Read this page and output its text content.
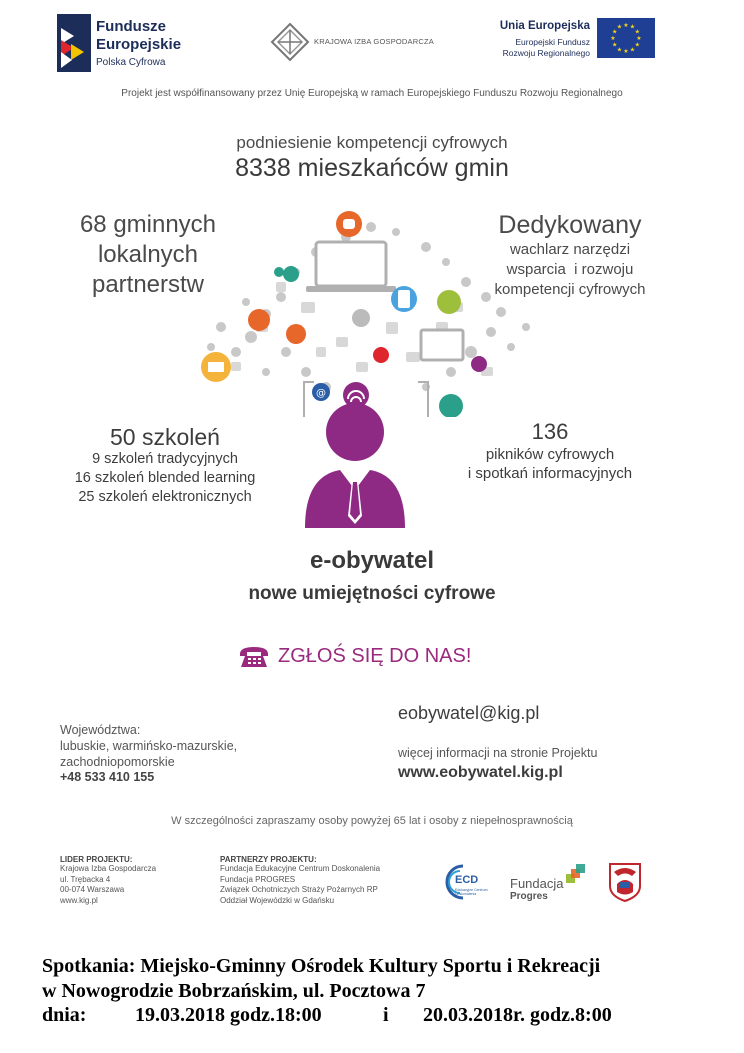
Fundusze
Europejskie
Polska Cyfrowa
KRAJOWA IZBA GOSPODARCZA
Unia Europejska
Europejski Fundusz
Rozwoju Regionalnego
★ ★
★
★
★
★
★
★
★
★
★
★
Projekt jest współfinansowany przez Unię Europejską w ramach Europejskiego Funduszu Rozwoju Regionalnego
podniesienie kompetencji cyfrowych
8338 mieszkańców gmin
68 gminnych
lokalnych
partnerstw
Dedykowany
wachlarz narzędzi
wsparcia  i rozwoju
kompetencji cyfrowych
@
50 szkoleń
9 szkoleń tradycyjnych
16 szkoleń blended learning
25 szkoleń elektronicznych
136
pikników cyfrowych
i spotkań informacyjnych
e-obywatel
nowe umiejętności cyfrowe
ZGŁOŚ SIĘ DO NAS!
Województwa:
lubuskie, warmińsko-mazurskie,
zachodniopomorskie
+48 533 410 155
eobywatel@kig.pl
więcej informacji na stronie Projektu
www.eobywatel.kig.pl
W szczególności zapraszamy osoby powyżej 65 lat i osoby z niepełnosprawnością
LIDER PROJEKTU:
Krajowa Izba Gospodarcza
ul. Trębacka 4
00-074 Warszawa
www.kig.pl
PARTNERZY PROJEKTU:
Fundacja Edukacyjne Centrum Doskonalenia
Fundacja PROGRES
Związek Ochotniczych Straży Pożarnych RP
Oddział Wojewódzki w Gdańsku
ECD
Edukacyjne Centrum Doskonalenia
Fundacja
Progres
Spotkania: Miejsko-Gminny Ośrodek Kultury Sportu i Rekreacji
w Nowogrodzie Bobrzańskim, ul. Pocztowa 7
dnia: 19.03.2018 godz.18:00	i 20.03.2018r. godz.8:00
